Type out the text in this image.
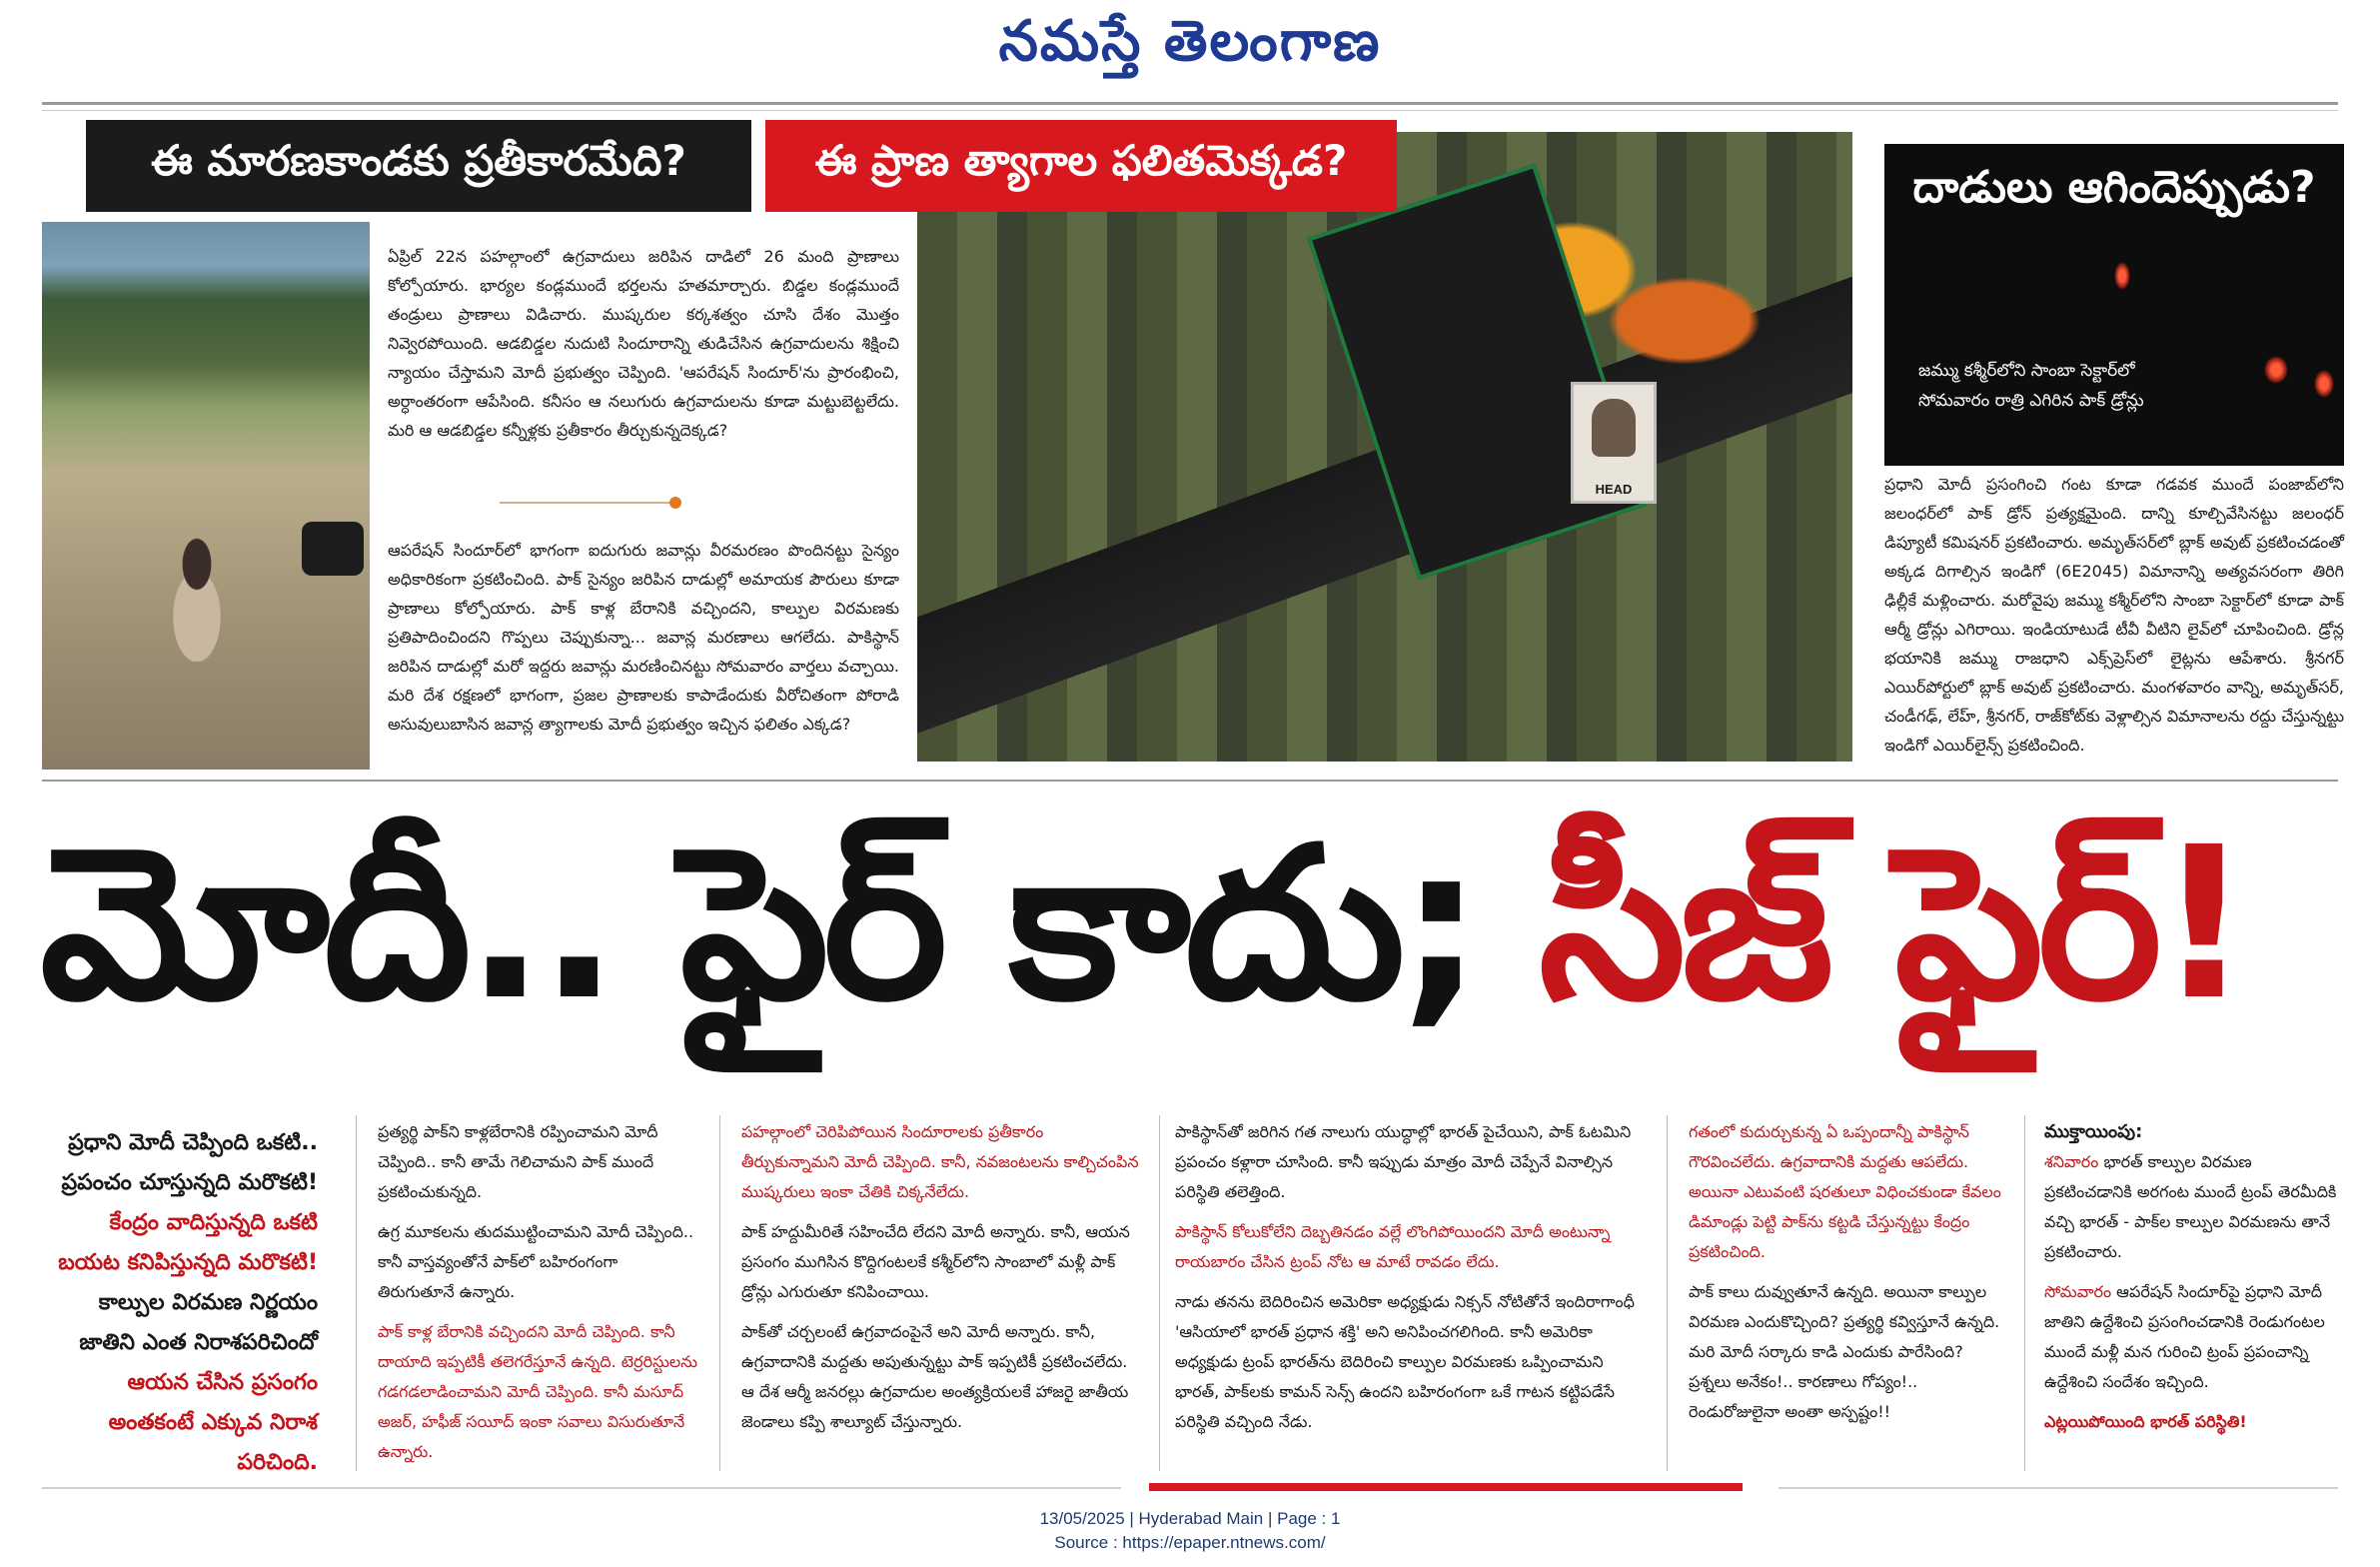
నమస్తే తెలంగాణ
HEAD
దాడులు ఆగిందెప్పుడు?
జమ్ము కశ్మీర్‌లోని సాంబా సెక్టార్‌లో సోమవారం రాత్రి ఎగిరిన పాక్ డ్రోన్లు
ఈ మారణకాండకు ప్రతీకారమేది?	ఈ ప్రాణ త్యాగాల ఫలితమెక్కడ?
ఏప్రిల్ 22న పహల్గాంలో ఉగ్రవాదులు జరిపిన దాడిలో 26 మంది ప్రాణాలు కోల్పోయారు. భార్యల కండ్లముందే భర్తలను హతమార్చారు. బిడ్డల కండ్లముందే తండ్రులు ప్రాణాలు విడిచారు. ముష్కరుల కర్కశత్వం చూసి దేశం మొత్తం నివ్వెరపోయింది. ఆడబిడ్డల నుదుటి సిందూరాన్ని తుడిచేసిన ఉగ్రవాదులను శిక్షించి న్యాయం చేస్తామని మోదీ ప్రభుత్వం చెప్పింది. 'ఆపరేషన్ సిందూర్'ను ప్రారంభించి, అర్ధాంతరంగా ఆపేసింది. కనీసం ఆ నలుగురు ఉగ్రవాదులను కూడా మట్టుబెట్టలేదు. మరి ఆ ఆడబిడ్డల కన్నీళ్లకు ప్రతీకారం తీర్చుకున్నదెక్కడ?
ఆపరేషన్ సిందూర్‌లో భాగంగా ఐదుగురు జవాన్లు వీరమరణం పొందినట్టు సైన్యం అధికారికంగా ప్రకటించింది. పాక్ సైన్యం జరిపిన దాడుల్లో అమాయక పౌరులు కూడా ప్రాణాలు కోల్పోయారు. పాక్ కాళ్ల బేరానికి వచ్చిందని, కాల్పుల విరమణకు ప్రతిపాదించిందని గొప్పలు చెప్పుకున్నా... జవాన్ల మరణాలు ఆగలేదు. పాకిస్థాన్ జరిపిన దాడుల్లో మరో ఇద్దరు జవాన్లు మరణించినట్టు సోమవారం వార్తలు వచ్చాయి. మరి దేశ రక్షణలో భాగంగా, ప్రజల ప్రాణాలకు కాపాడేందుకు వీరోచితంగా పోరాడి అసువులుబాసిన జవాన్ల త్యాగాలకు మోదీ ప్రభుత్వం ఇచ్చిన ఫలితం ఎక్కడ?
ప్రధాని మోదీ ప్రసంగించి గంట కూడా గడవక ముందే పంజాబ్‌లోని జలంధర్‌లో పాక్ డ్రోన్ ప్రత్యక్షమైంది. దాన్ని కూల్చివేసినట్టు జలంధర్ డిప్యూటీ కమిషనర్ ప్రకటించారు. అమృత్‌సర్‌లో బ్లాక్ అవుట్ ప్రకటించడంతో అక్కడ దిగాల్సిన ఇండిగో (6E2045) విమానాన్ని అత్యవసరంగా తిరిగి ఢిల్లీకే మళ్లించారు. మరోవైపు జమ్ము కశ్మీర్‌లోని సాంబా సెక్టార్‌లో కూడా పాక్ ఆర్మీ డ్రోన్లు ఎగిరాయి. ఇండియాటుడే టీవీ వీటిని లైవ్‌లో చూపించింది. డ్రోన్ల భయానికి జమ్ము రాజధాని ఎక్స్‌ప్రెస్‌లో లైట్లను ఆపేశారు. శ్రీనగర్ ఎయిర్‌పోర్టులో బ్లాక్ అవుట్ ప్రకటించారు. మంగళవారం వాన్ని, అమృత్‌సర్, చండీగఢ్, లేహ్, శ్రీనగర్, రాజ్‌కోట్‌కు వెళ్లాల్సిన విమానాలను రద్దు చేస్తున్నట్టు ఇండిగో ఎయిర్‌లైన్స్ ప్రకటించింది.
మోదీ.. ఫైర్ కాదు; సీజ్ ఫైర్!
ప్రధాని మోదీ చెప్పింది ఒకటి.. ప్రపంచం చూస్తున్నది మరొకటి!
కేంద్రం వాదిస్తున్నది ఒకటి బయట కనిపిస్తున్నది మరొకటి!
కాల్పుల విరమణ నిర్ణయం జాతిని ఎంత నిరాశపరిచిందో
ఆయన చేసిన ప్రసంగం అంతకంటే ఎక్కువ నిరాశ పరిచింది.

ప్రత్యర్థి పాక్‌ని కాళ్లబేరానికి రప్పించామని మోదీ చెప్పింది.. కానీ తామే గెలిచామని పాక్ ముందే ప్రకటించుకున్నది.

ఉగ్ర మూకలను తుదముట్టించామని మోదీ చెప్పింది.. కానీ వాస్తవ్యంతోనే పాక్‌లో బహిరంగంగా తిరుగుతూనే ఉన్నారు.

పాక్ కాళ్ల బేరానికి వచ్చిందని మోదీ చెప్పింది. కానీ దాయాది ఇప్పటికీ తలెగరేస్తూనే ఉన్నది. టెర్రరిస్టులను గడగడలాడించామని మోదీ చెప్పింది. కానీ మసూద్ అజర్, హఫీజ్ సయీద్ ఇంకా సవాలు విసురుతూనే ఉన్నారు.

పహల్గాంలో చెరిపిపోయిన సిందూరాలకు ప్రతీకారం తీర్చుకున్నామని మోదీ చెప్పింది. కానీ, నవజంటలను కాల్చిచంపిన ముష్కరులు ఇంకా చేతికి చిక్కనేలేదు.

పాక్ హద్దుమీరితే సహించేది లేదని మోదీ అన్నారు. కానీ, ఆయన ప్రసంగం ముగిసిన కొద్దిగంటలకే కశ్మీర్‌లోని సాంబాలో మళ్లీ పాక్ డ్రోన్లు ఎగురుతూ కనిపించాయి.

పాక్‌తో చర్చలంటే ఉగ్రవాదంపైనే అని మోదీ అన్నారు. కానీ, ఉగ్రవాదానికి మద్దతు అపుతున్నట్టు పాక్ ఇప్పటికీ ప్రకటించలేదు. ఆ దేశ ఆర్మీ జనరల్లు ఉగ్రవాదుల అంత్యక్రియలకే హాజరై జాతీయ జెండాలు కప్పి శాల్యూట్ చేస్తున్నారు.

పాకిస్థాన్‌తో జరిగిన గత నాలుగు యుద్ధాల్లో భారత్ పైచేయిని, పాక్ ఓటమిని ప్రపంచం కళ్లారా చూసింది. కానీ ఇప్పుడు మాత్రం మోదీ చెప్పేనే వినాల్సిన పరిస్థితి తలెత్తింది.

పాకిస్థాన్ కోలుకోలేని దెబ్బతినడం వల్లే లొంగిపోయిందని మోదీ అంటున్నా రాయబారం చేసిన ట్రంప్ నోట ఆ మాటే రావడం లేదు.

నాడు తనను బెదిరించిన అమెరికా అధ్యక్షుడు నిక్సన్ నోటితోనే ఇందిరాగాంధీ 'ఆసియాలో భారత్ ప్రధాన శక్తి' అని అనిపించగలిగింది. కానీ అమెరికా అధ్యక్షుడు ట్రంప్ భారత్‌ను బెదిరించి కాల్పుల విరమణకు ఒప్పించామని భారత్, పాక్‌లకు కామన్ సెన్స్ ఉందని బహిరంగంగా ఒకే గాటన కట్టిపడేసే పరిస్థితి వచ్చింది నేడు.

గతంలో కుదుర్చుకున్న ఏ ఒప్పందాన్నీ పాకిస్థాన్ గౌరవించలేదు. ఉగ్రవాదానికి మద్దతు ఆపలేదు. అయినా ఎటువంటి షరతులూ విధించకుండా కేవలం డిమాండ్లు పెట్టి పాక్‌ను కట్టడి చేస్తున్నట్టు కేంద్రం ప్రకటించింది.

పాక్ కాలు దువ్వుతూనే ఉన్నది. అయినా కాల్పుల విరమణ ఎందుకొచ్చింది? ప్రత్యర్థి కవ్విస్తూనే ఉన్నది. మరి మోదీ సర్కారు కాడి ఎందుకు పారేసింది? ప్రశ్నలు అనేకం!.. కారణాలు గోప్యం!.. రెండురోజులైనా అంతా అస్పష్టం!!

ముక్తాయింపు:

శనివారం భారత్ కాల్పుల విరమణ ప్రకటించడానికి అరగంట ముందే ట్రంప్ తెరమీదికి వచ్చి భారత్ - పాక్‌ల కాల్పుల విరమణను తానే ప్రకటించారు.

సోమవారం ఆపరేషన్ సిందూర్‌పై ప్రధాని మోదీ జాతిని ఉద్దేశించి ప్రసంగించడానికి రెండుగంటల ముందే మళ్లీ మన గురించి ట్రంప్ ప్రపంచాన్ని ఉద్దేశించి సందేశం ఇచ్చింది.

ఎట్లయిపోయింది భారత్ పరిస్థితి!

13/05/2025 | Hyderabad Main | Page : 1
Source : https://epaper.ntnews.com/
